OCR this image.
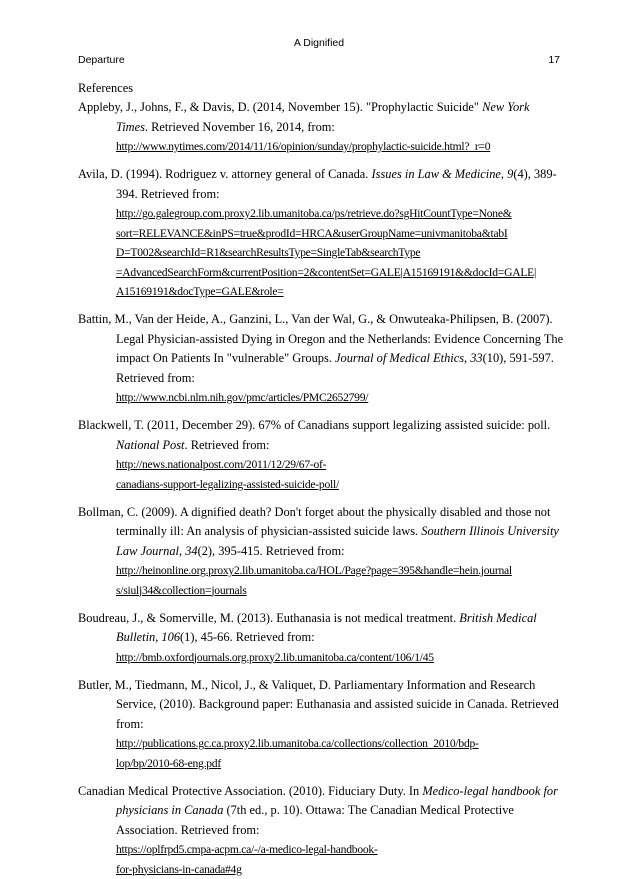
A Dignified
Departure	17
References
Appleby, J., Johns, F., & Davis, D. (2014, November 15). "Prophylactic Suicide" New York Times. Retrieved November 16, 2014, from:
http://www.nytimes.com/2014/11/16/opinion/sunday/prophylactic-suicide.html?_r=0
Avila, D. (1994). Rodriguez v. attorney general of Canada. Issues in Law & Medicine, 9(4), 389-394. Retrieved from:
http://go.galegroup.com.proxy2.lib.umanitoba.ca/ps/retrieve.do?sgHitCountType=None&
sort=RELEVANCE&inPS=true&prodId=HRCA&userGroupName=univmanitoba&tabI
D=T002&searchId=R1&searchResultsType=SingleTab&searchType
=AdvancedSearchForm&currentPosition=2&contentSet=GALE|A15169191&&docId=GALE|
A15169191&docType=GALE&role=
Battin, M., Van der Heide, A., Ganzini, L., Van der Wal, G., & Onwuteaka-Philipsen, B. (2007). Legal Physician-assisted Dying in Oregon and the Netherlands: Evidence Concerning The impact On Patients In "vulnerable" Groups. Journal of Medical Ethics, 33(10), 591-597. Retrieved from:
http://www.ncbi.nlm.nih.gov/pmc/articles/PMC2652799/
Blackwell, T. (2011, December 29). 67% of Canadians support legalizing assisted suicide: poll. National Post. Retrieved from:
http://news.nationalpost.com/2011/12/29/67-of-
canadians-support-legalizing-assisted-suicide-poll/
Bollman, C. (2009). A dignified death? Don't forget about the physically disabled and those not terminally ill: An analysis of physician-assisted suicide laws. Southern Illinois University Law Journal, 34(2), 395-415. Retrieved from:
http://heinonline.org.proxy2.lib.umanitoba.ca/HOL/Page?page=395&handle=hein.journal
s/siulj34&collection=journals
Boudreau, J., & Somerville, M. (2013). Euthanasia is not medical treatment. British Medical Bulletin, 106(1), 45-66. Retrieved from:
http://bmb.oxfordjournals.org.proxy2.lib.umanitoba.ca/content/106/1/45
Butler, M., Tiedmann, M., Nicol, J., & Valiquet, D. Parliamentary Information and Research Service, (2010). Background paper: Euthanasia and assisted suicide in Canada. Retrieved from:
http://publications.gc.ca.proxy2.lib.umanitoba.ca/collections/collection_2010/bdp-
lop/bp/2010-68-eng.pdf
Canadian Medical Protective Association. (2010). Fiduciary Duty. In Medico-legal handbook for physicians in Canada (7th ed., p. 10). Ottawa: The Canadian Medical Protective Association. Retrieved from:
https://oplfrpd5.cmpa-acpm.ca/-/a-medico-legal-handbook-
for-physicians-in-canada#4g
